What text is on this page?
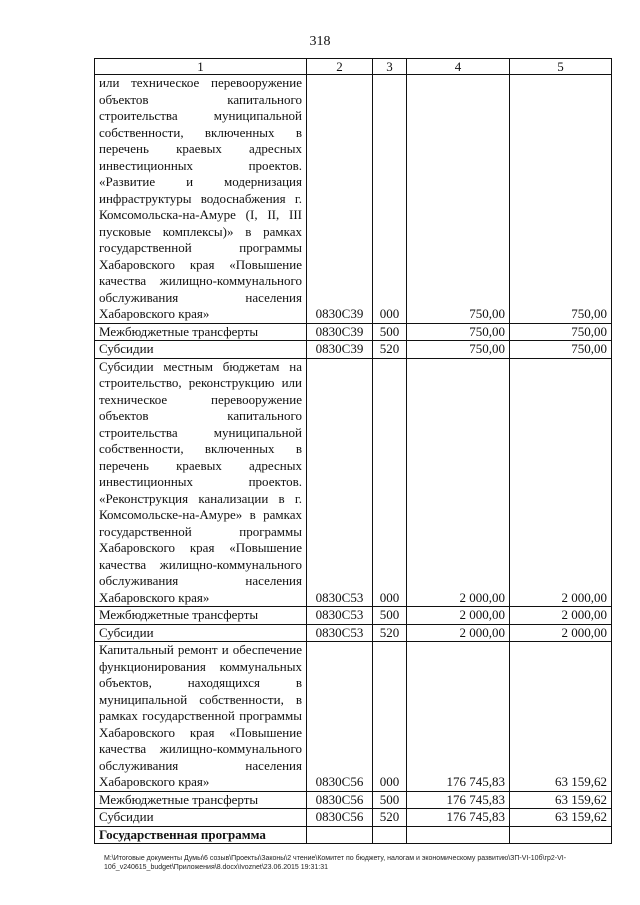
318
1	2	3	4	5
или техническое перевооружение объектов капитального строительства муниципальной собственности, включенных в перечень краевых адресных инвестиционных проектов. «Развитие и модернизация инфраструктуры водоснабжения г. Комсомольска-на-Амуре (I, II, III пусковые комплексы)» в рамках государственной программы Хабаровского края «Повышение качества жилищно-коммунального обслуживания населения Хабаровского края»	0830С39	000	750,00	750,00
Межбюджетные трансферты	0830С39	500	750,00	750,00
Субсидии	0830С39	520	750,00	750,00
Субсидии местным бюджетам на строительство, реконструкцию или техническое перевооружение объектов капитального строительства муниципальной собственности, включенных в перечень краевых адресных инвестиционных проектов. «Реконструкция канализации в г. Комсомольске-на-Амуре» в рамках государственной программы Хабаровского края «Повышение качества жилищно-коммунального обслуживания населения Хабаровского края»	0830С53	000	2 000,00	2 000,00
Межбюджетные трансферты	0830С53	500	2 000,00	2 000,00
Субсидии	0830С53	520	2 000,00	2 000,00
Капитальный ремонт и обеспечение функционирования коммунальных объектов, находящихся в муниципальной собственности, в рамках государственной программы Хабаровского края «Повышение качества жилищно-коммунального обслуживания населения Хабаровского края»	0830С56	000	176 745,83	63 159,62
Межбюджетные трансферты	0830С56	500	176 745,83	63 159,62
Субсидии	0830С56	520	176 745,83	63 159,62
Государственная программа				
М:\Итоговые документы Думы\6 созыв\Проекты\Законы\2 чтение\Комитет по бюджету, налогам и экономическому развитию\ЗП-VI-10б\гр2-VI-10б_v240615_budget\Приложения\8.docx\Ivoznet\23.06.2015 19:31:31
